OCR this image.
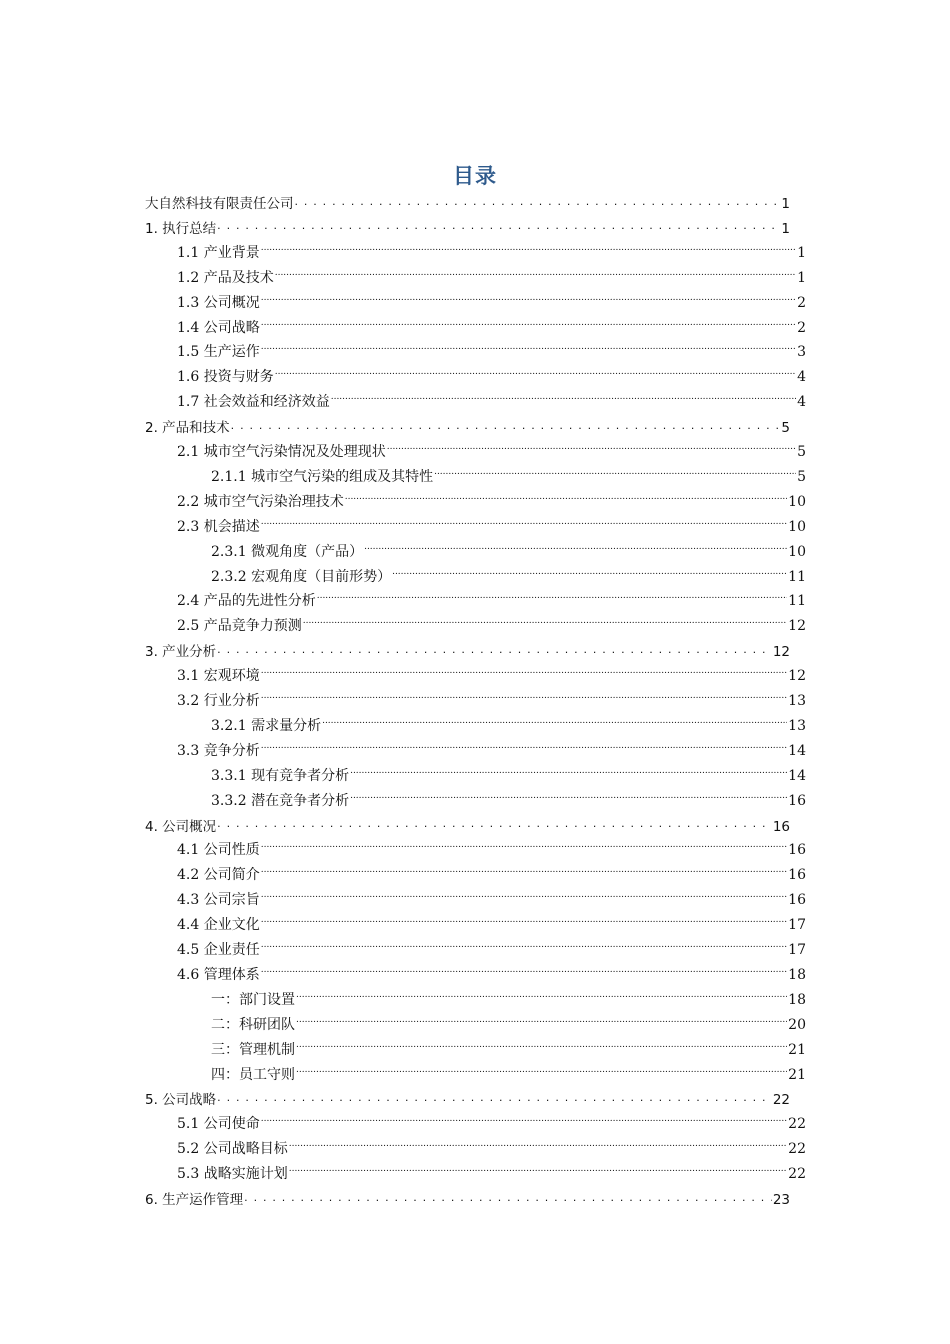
目录
大自然科技有限责任公司 . . .	1
1. 执行总结 . . .	1
1.1 产业背景 .....	1
1.2 产品及技术 .....	1
1.3 公司概况 .....	2
1.4 公司战略 .....	2
1.5 生产运作 .....	3
1.6 投资与财务 .....	4
1.7 社会效益和经济效益 .....	4
2. 产品和技术 . . .	5
2.1 城市空气污染情况及处理现状 .....	5
2.1.1 城市空气污染的组成及其特性 .....	5
2.2 城市空气污染治理技术 .....	10
2.3 机会描述 .....	10
2.3.1 微观角度（产品） .....	10
2.3.2 宏观角度（目前形势） .....	11
2.4 产品的先进性分析 .....	11
2.5 产品竞争力预测 .....	12
3. 产业分析 . . .	12
3.1 宏观环境 .....	12
3.2 行业分析 .....	13
3.2.1 需求量分析 .....	13
3.3 竞争分析 .....	14
3.3.1 现有竞争者分析 .....	14
3.3.2 潜在竞争者分析 .....	16
4. 公司概况 . . .	16
4.1 公司性质 .....	16
4.2 公司简介 .....	16
4.3 公司宗旨 .....	16
4.4 企业文化 .....	17
4.5 企业责任 .....	17
4.6 管理体系 .....	18
一：部门设置 .....	18
二：科研团队 .....	20
三：管理机制 .....	21
四：员工守则 .....	21
5. 公司战略 . . .	22
5.1 公司使命 .....	22
5.2 公司战略目标 .....	22
5.3 战略实施计划 .....	22
6. 生产运作管理 . . .	23
